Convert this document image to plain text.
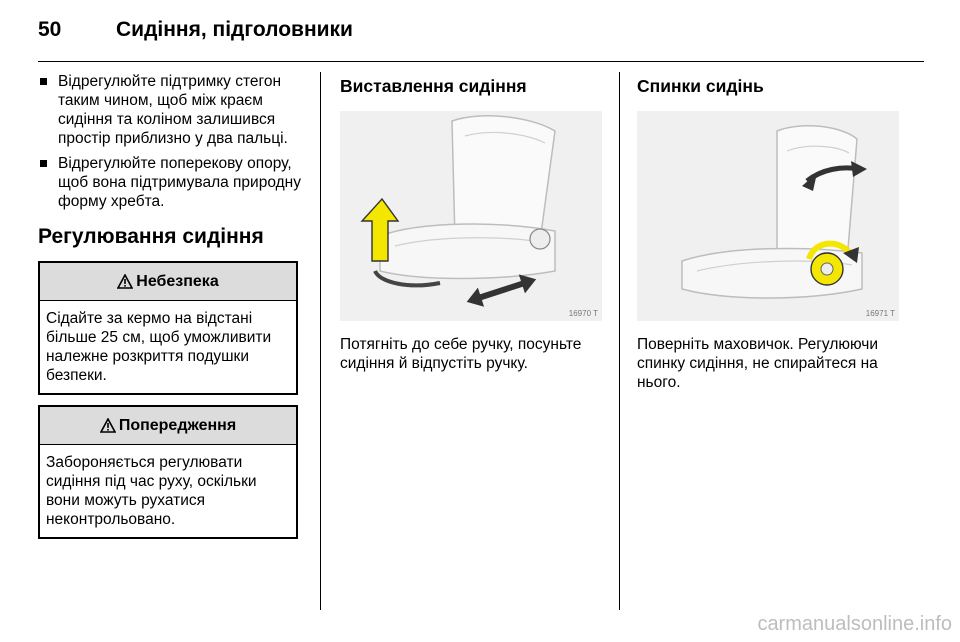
50	Сидіння, підголовники
Відрегулюйте підтримку стегон таким чином, щоб між краєм сидіння та коліном залишився простір приблизно у два пальці.
Відрегулюйте поперекову опору, щоб вона підтримувала природну форму хребта.
Регулювання сидіння
Небезпека
Сідайте за кермо на відстані більше 25 см, щоб уможливити належне розкриття подушки безпеки.
Попередження
Забороняється регулювати сидіння під час руху, оскільки вони можуть рухатися неконтрольовано.
Виставлення сидіння
16970 T
Потягніть до себе ручку, посуньте сидіння й відпустіть ручку.
Спинки сидінь
16971 T
Поверніть маховичок. Регулюючи спинку сидіння, не спирайтеся на нього.
carmanualsonline.info
